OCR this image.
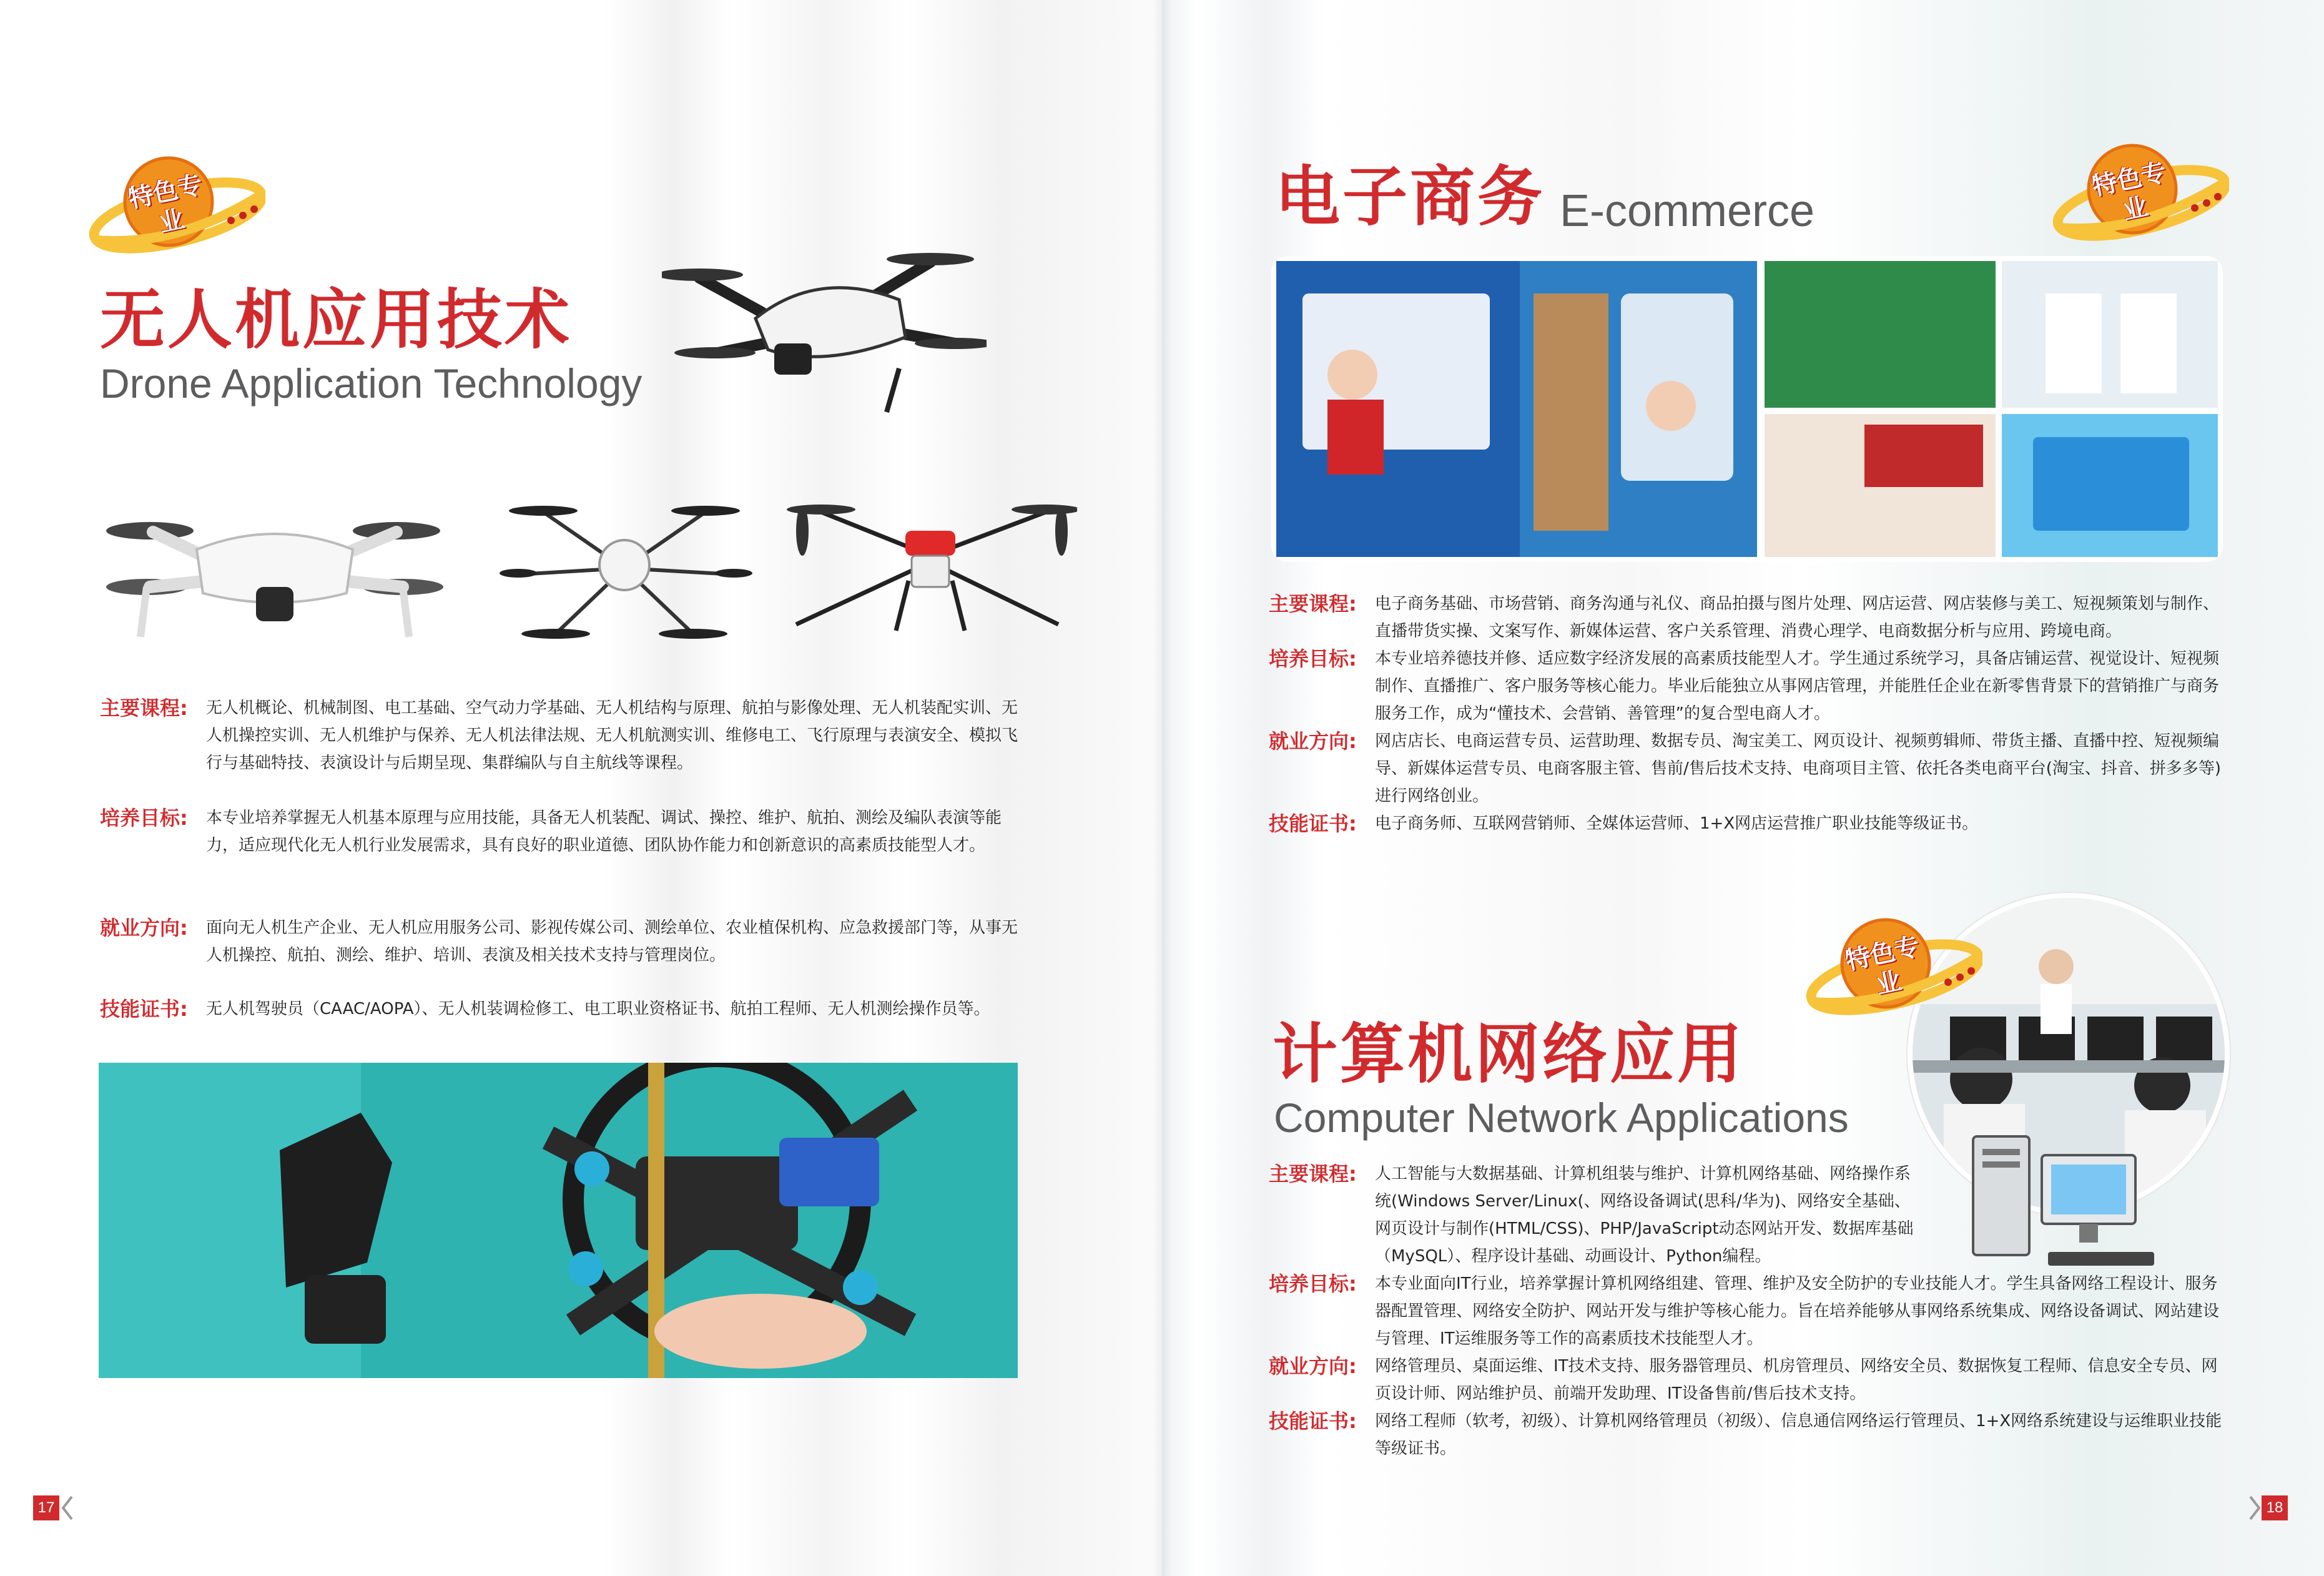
特色专业
无人机应用技术
Drone Application Technology
主要课程: 无人机概论、机械制图、电工基础、空气动力学基础、无人机结构与原理、航拍与影像处理、无人机装配实训、无人机操控实训、无人机维护与保养、无人机法律法规、无人机航测实训、维修电工、飞行原理与表演安全、模拟飞行与基础特技、表演设计与后期呈现、集群编队与自主航线等课程。
培养目标: 本专业培养掌握无人机基本原理与应用技能，具备无人机装配、调试、操控、维护、航拍、测绘及编队表演等能力，适应现代化无人机行业发展需求，具有良好的职业道德、团队协作能力和创新意识的高素质技能型人才。
就业方向: 面向无人机生产企业、无人机应用服务公司、影视传媒公司、测绘单位、农业植保机构、应急救援部门等，从事无人机操控、航拍、测绘、维护、培训、表演及相关技术支持与管理岗位。
技能证书: 无人机驾驶员（CAAC/AOPA）、无人机装调检修工、电工职业资格证书、航拍工程师、无人机测绘操作员等。
17
电子商务 E-commerce
特色专业
主要课程: 电子商务基础、市场营销、商务沟通与礼仪、商品拍摄与图片处理、网店运营、网店装修与美工、短视频策划与制作、直播带货实操、文案写作、新媒体运营、客户关系管理、消费心理学、电商数据分析与应用、跨境电商。
培养目标: 本专业培养德技并修、适应数字经济发展的高素质技能型人才。学生通过系统学习，具备店铺运营、视觉设计、短视频制作、直播推广、客户服务等核心能力。毕业后能独立从事网店管理，并能胜任企业在新零售背景下的营销推广与商务服务工作，成为“懂技术、会营销、善管理”的复合型电商人才。
就业方向: 网店店长、电商运营专员、运营助理、数据专员、淘宝美工、网页设计、视频剪辑师、带货主播、直播中控、短视频编导、新媒体运营专员、电商客服主管、售前/售后技术支持、电商项目主管、依托各类电商平台(淘宝、抖音、拼多多等)进行网络创业。
技能证书: 电子商务师、互联网营销师、全媒体运营师、1+X网店运营推广职业技能等级证书。
特色专业
计算机网络应用
Computer Network Applications
主要课程: 人工智能与大数据基础、计算机组装与维护、计算机网络基础、网络操作系统(Windows Server/Linux(、网络设备调试(思科/华为)、网络安全基础、网页设计与制作(HTML/CSS)、PHP/JavaScript动态网站开发、数据库基础（MySQL）、程序设计基础、动画设计、Python编程。
培养目标: 本专业面向IT行业，培养掌握计算机网络组建、管理、维护及安全防护的专业技能人才。学生具备网络工程设计、服务器配置管理、网络安全防护、网站开发与维护等核心能力。旨在培养能够从事网络系统集成、网络设备调试、网站建设与管理、IT运维服务等工作的高素质技术技能型人才。
就业方向: 网络管理员、桌面运维、IT技术支持、服务器管理员、机房管理员、网络安全员、数据恢复工程师、信息安全专员、网页设计师、网站维护员、前端开发助理、IT设备售前/售后技术支持。
技能证书: 网络工程师（软考，初级）、计算机网络管理员（初级）、信息通信网络运行管理员、1+X网络系统建设与运维职业技能等级证书。
18
